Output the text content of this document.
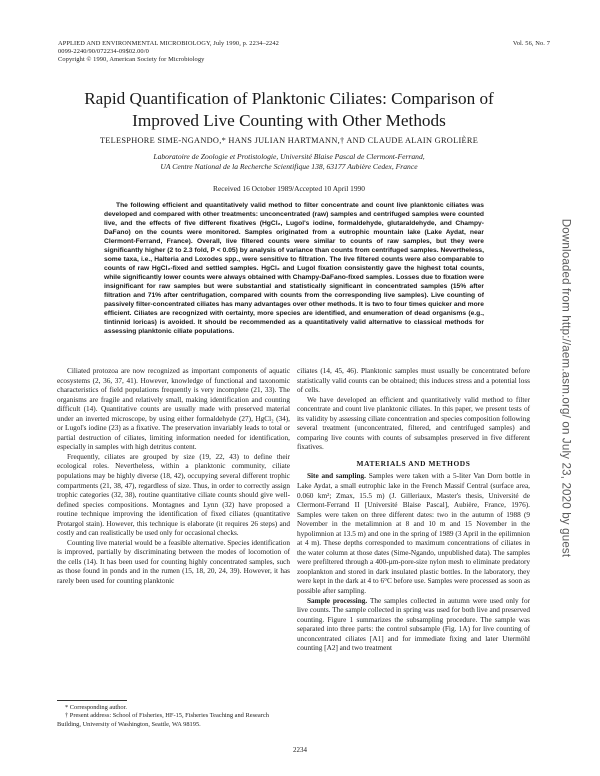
APPLIED AND ENVIRONMENTAL MICROBIOLOGY, July 1990, p. 2234–2242
0099-2240/90/072234-09$02.00/0
Copyright © 1990, American Society for Microbiology
Vol. 56, No. 7
Rapid Quantification of Planktonic Ciliates: Comparison of Improved Live Counting with Other Methods
TELESPHORE SIME-NGANDO,* HANS JULIAN HARTMANN,† AND CLAUDE ALAIN GROLIÈRE
Laboratoire de Zoologie et Protistologie, Université Blaise Pascal de Clermont-Ferrand,
UA Centre National de la Recherche Scientifique 138, 63177 Aubière Cedex, France
Received 16 October 1989/Accepted 10 April 1990

The following efficient and quantitatively valid method to filter concentrate and count live planktonic ciliates was developed and compared with other treatments: unconcentrated (raw) samples and centrifuged samples were counted live, and the effects of five different fixatives (HgCl₂, Lugol's iodine, formaldehyde, glutaraldehyde, and Champy-DaFano) on the counts were monitored. Samples originated from a eutrophic mountain lake (Lake Aydat, near Clermont-Ferrand, France). Overall, live filtered counts were similar to counts of raw samples, but they were significantly higher (2 to 2.3 fold, P < 0.05) by analysis of variance than counts from centrifuged samples. Nevertheless, some taxa, i.e., Halteria and Loxodes spp., were sensitive to filtration. The live filtered counts were also comparable to counts of raw HgCl₂-fixed and settled samples. HgCl₂ and Lugol fixation consistently gave the highest total counts, while significantly lower counts were always obtained with Champy-DaFano-fixed samples. Losses due to fixation were insignificant for raw samples but were substantial and statistically significant in concentrated samples (15% after filtration and 71% after centrifugation, compared with counts from the corresponding live samples). Live counting of passively filter-concentrated ciliates has many advantages over other methods. It is two to four times quicker and more efficient. Ciliates are recognized with certainty, more species are identified, and enumeration of dead organisms (e.g., tintinnid loricas) is avoided. It should be recommended as a quantitatively valid alternative to classical methods for assessing planktonic ciliate populations.

Ciliated protozoa are now recognized as important components of aquatic ecosystems (2, 36, 37, 41). However, knowledge of functional and taxonomic characteristics of field populations frequently is very incomplete (21, 33). The organisms are fragile and relatively small, making identification and counting difficult (14). Quantitative counts are usually made with preserved material under an inverted microscope, by using either formaldehyde (27), HgCl₂ (34), or Lugol's iodine (23) as a fixative. The preservation invariably leads to total or partial destruction of ciliates, limiting information needed for identification, especially in samples with high detritus content.

Frequently, ciliates are grouped by size (19, 22, 43) to define their ecological roles. Nevertheless, within a planktonic community, ciliate populations may be highly diverse (18, 42), occupying several different trophic compartments (21, 38, 47), regardless of size. Thus, in order to correctly assign trophic categories (32, 38), routine quantitative ciliate counts should give well-defined species compositions. Montagnes and Lynn (32) have proposed a routine technique improving the identification of fixed ciliates (quantitative Protargol stain). However, this technique is elaborate (it requires 26 steps) and costly and can realistically be used only for occasional checks.

Counting live material would be a feasible alternative. Species identification is improved, partially by discriminating between the modes of locomotion of the cells (14). It has been used for counting highly concentrated samples, such as those found in ponds and in the rumen (15, 18, 20, 24, 39). However, it has rarely been used for counting planktonic

* Corresponding author.

† Present address: School of Fisheries, HF-15, Fisheries Teaching and Research Building, University of Washington, Seattle, WA 98195.

ciliates (14, 45, 46). Planktonic samples must usually be concentrated before statistically valid counts can be obtained; this induces stress and a potential loss of cells.

We have developed an efficient and quantitatively valid method to filter concentrate and count live planktonic ciliates. In this paper, we present tests of its validity by assessing ciliate concentration and species composition following several treatment (unconcentrated, filtered, and centrifuged samples) and comparing live counts with counts of subsamples preserved in five different fixatives.

MATERIALS AND METHODS

Site and sampling. Samples were taken with a 5-liter Van Dorn bottle in Lake Aydat, a small eutrophic lake in the French Massif Central (surface area, 0.060 km²; Zmax, 15.5 m) (J. Gilleriaux, Master's thesis, Université de Clermont-Ferrand II [Université Blaise Pascal], Aubière, France, 1976). Samples were taken on three different dates: two in the autumn of 1988 (9 November in the metalimnion at 8 and 10 m and 15 November in the hypolimnion at 13.5 m) and one in the spring of 1989 (3 April in the epilimnion at 4 m). These depths corresponded to maximum concentrations of ciliates in the water column at those dates (Sime-Ngando, unpublished data). The samples were prefiltered through a 400-µm-pore-size nylon mesh to eliminate predatory zooplankton and stored in dark insulated plastic bottles. In the laboratory, they were kept in the dark at 4 to 6°C before use. Samples were processed as soon as possible after sampling.

Sample processing. The samples collected in autumn were used only for live counts. The sample collected in spring was used for both live and preserved counting. Figure 1 summarizes the subsampling procedure. The sample was separated into three parts: the control subsample (Fig. 1A) for live counting of unconcentrated ciliates [A1] and for immediate fixing and later Utermöhl counting [A2] and two treatment

2234
Downloaded from http://aem.asm.org/ on July 23, 2020 by guest
